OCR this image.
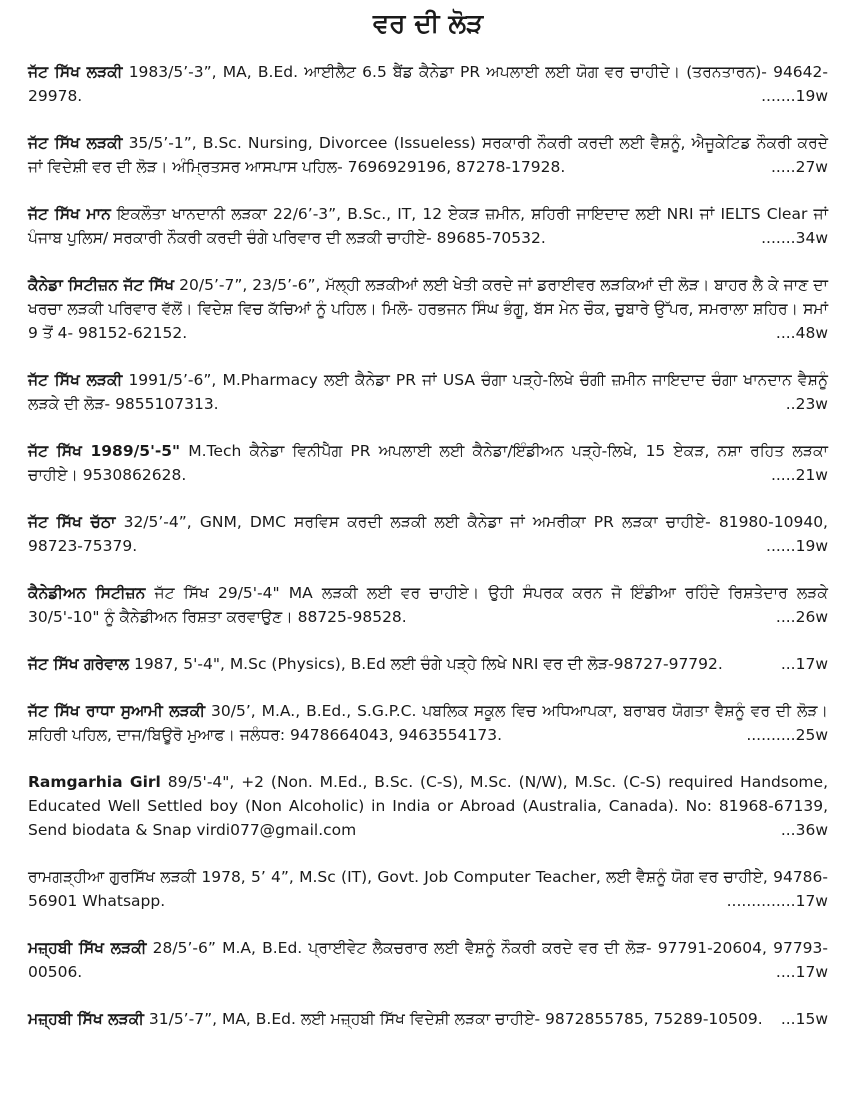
ਵਰ ਦੀ ਲੋੜ

ਜੱਟ ਸਿੱਖ ਲੜਕੀ 1983/5’-3”, MA, B.Ed. ਆਈਲੈਟ 6.5 ਬੈਂਡ ਕੈਨੇਡਾ PR ਅਪਲਾਈ ਲਈ ਯੋਗ ਵਰ ਚਾਹੀਦੇ। (ਤਰਨਤਾਰਨ)- 94642-29978.	.......19w

ਜੱਟ ਸਿੱਖ ਲੜਕੀ 35/5’-1”, B.Sc. Nursing, Divorcee (Issueless) ਸਰਕਾਰੀ ਨੌਕਰੀ ਕਰਦੀ ਲਈ ਵੈਸ਼ਨੂੰ, ਐਜੂਕੇਟਿਡ ਨੌਕਰੀ ਕਰਦੇ ਜਾਂ ਵਿਦੇਸ਼ੀ ਵਰ ਦੀ ਲੋੜ। ਅੰਮ੍ਰਿਤਸਰ ਆਸਪਾਸ ਪਹਿਲ- 7696929196, 87278-17928.	.....27w

ਜੱਟ ਸਿੱਖ ਮਾਨ ਇਕਲੌਤਾ ਖਾਨਦਾਨੀ ਲੜਕਾ 22/6’-3”, B.Sc., IT, 12 ਏਕੜ ਜ਼ਮੀਨ, ਸ਼ਹਿਰੀ ਜਾਇਦਾਦ ਲਈ NRI ਜਾਂ IELTS Clear ਜਾਂ ਪੰਜਾਬ ਪੁਲਿਸ/ ਸਰਕਾਰੀ ਨੌਕਰੀ ਕਰਦੀ ਚੰਗੇ ਪਰਿਵਾਰ ਦੀ ਲੜਕੀ ਚਾਹੀਏ- 89685-70532.	.......34w

ਕੈਨੇਡਾ ਸਿਟੀਜ਼ਨ ਜੱਟ ਸਿੱਖ 20/5’-7”, 23/5’-6”, ਮੱਲ੍ਹੀ ਲੜਕੀਆਂ ਲਈ ਖੇਤੀ ਕਰਦੇ ਜਾਂ ਡਰਾਈਵਰ ਲੜਕਿਆਂ ਦੀ ਲੋੜ। ਬਾਹਰ ਲੈ ਕੇ ਜਾਣ ਦਾ ਖਰਚਾ ਲੜਕੀ ਪਰਿਵਾਰ ਵੱਲੋਂ। ਵਿਦੇਸ਼ ਵਿਚ ਕੱਚਿਆਂ ਨੂੰ ਪਹਿਲ। ਮਿਲੋ- ਹਰਭਜਨ ਸਿੰਘ ਭੰਗੂ, ਬੱਸ ਮੇਨ ਚੌਕ, ਚੁਬਾਰੇ ਉੱਪਰ, ਸਮਰਾਲਾ ਸ਼ਹਿਰ। ਸਮਾਂ 9 ਤੋਂ 4- 98152-62152.	....48w

ਜੱਟ ਸਿੱਖ ਲੜਕੀ 1991/5’-6”, M.Pharmacy ਲਈ ਕੈਨੇਡਾ PR ਜਾਂ USA ਚੰਗਾ ਪੜ੍ਹੇ-ਲਿਖੇ ਚੰਗੀ ਜ਼ਮੀਨ ਜਾਇਦਾਦ ਚੰਗਾ ਖਾਨਦਾਨ ਵੈਸ਼ਨੂੰ ਲੜਕੇ ਦੀ ਲੋੜ- 9855107313.	..23w

ਜੱਟ ਸਿੱਖ 1989/5'-5" M.Tech ਕੈਨੇਡਾ ਵਿਨੀਪੈੱਗ PR ਅਪਲਾਈ ਲਈ ਕੈਨੇਡਾ/ਇੰਡੀਅਨ ਪੜ੍ਹੇ-ਲਿਖੇ, 15 ਏਕੜ, ਨਸ਼ਾ ਰਹਿਤ ਲੜਕਾ ਚਾਹੀਏ। 9530862628.	.....21w

ਜੱਟ ਸਿੱਖ ਚੱਠਾ 32/5’-4”, GNM, DMC ਸਰਵਿਸ ਕਰਦੀ ਲੜਕੀ ਲਈ ਕੈਨੇਡਾ ਜਾਂ ਅਮਰੀਕਾ PR ਲੜਕਾ ਚਾਹੀਏ- 81980-10940, 98723-75379.	......19w

ਕੈਨੇਡੀਅਨ ਸਿਟੀਜ਼ਨ ਜੱਟ ਸਿੱਖ 29/5'-4" MA ਲੜਕੀ ਲਈ ਵਰ ਚਾਹੀਏ। ਉਹੀ ਸੰਪਰਕ ਕਰਨ ਜੋ ਇੰਡੀਆ ਰਹਿੰਦੇ ਰਿਸ਼ਤੇਦਾਰ ਲੜਕੇ 30/5'-10" ਨੂੰ ਕੈਨੇਡੀਅਨ ਰਿਸ਼ਤਾ ਕਰਵਾਉਣ। 88725-98528.	....26w

ਜੱਟ ਸਿੱਖ ਗਰੇਵਾਲ 1987, 5'-4", M.Sc (Physics), B.Ed ਲਈ ਚੰਗੇ ਪੜ੍ਹੇ ਲਿਖੇ NRI ਵਰ ਦੀ ਲੋੜ-98727-97792.	...17w

ਜੱਟ ਸਿੱਖ ਰਾਧਾ ਸੁਆਮੀ ਲੜਕੀ 30/5’, M.A., B.Ed., S.G.P.C. ਪਬਲਿਕ ਸਕੂਲ ਵਿਚ ਅਧਿਆਪਕਾ, ਬਰਾਬਰ ਯੋਗਤਾ ਵੈਸ਼ਨੂੰ ਵਰ ਦੀ ਲੋੜ। ਸ਼ਹਿਰੀ ਪਹਿਲ, ਦਾਜ/ਬਿਊਰੋ ਮੁਆਫ। ਜਲੰਧਰ: 9478664043, 9463554173.	..........25w

Ramgarhia Girl 89/5'-4", +2 (Non. M.Ed., B.Sc. (C-S), M.Sc. (N/W), M.Sc. (C-S) required Handsome, Educated Well Settled boy (Non Alcoholic) in India or Abroad (Australia, Canada). No: 81968-67139, Send biodata & Snap virdi077@gmail.com	...36w

ਰਾਮਗੜ੍ਹੀਆ ਗੁਰਸਿੱਖ ਲੜਕੀ 1978, 5’ 4”, M.Sc (IT), Govt. Job Computer Teacher, ਲਈ ਵੈਸ਼ਨੂੰ ਯੋਗ ਵਰ ਚਾਹੀਏ, 94786-56901 Whatsapp.	..............17w

ਮਜ਼੍ਹਬੀ ਸਿੱਖ ਲੜਕੀ 28/5’-6” M.A, B.Ed. ਪ੍ਰਾਈਵੇਟ ਲੈਕਚਰਾਰ ਲਈ ਵੈਸ਼ਨੂੰ ਨੌਕਰੀ ਕਰਦੇ ਵਰ ਦੀ ਲੋੜ- 97791-20604, 97793-00506.	....17w

ਮਜ਼੍ਹਬੀ ਸਿੱਖ ਲੜਕੀ 31/5’-7”, MA, B.Ed. ਲਈ ਮਜ਼੍ਹਬੀ ਸਿੱਖ ਵਿਦੇਸ਼ੀ ਲੜਕਾ ਚਾਹੀਏ- 9872855785, 75289-10509. ...15w
